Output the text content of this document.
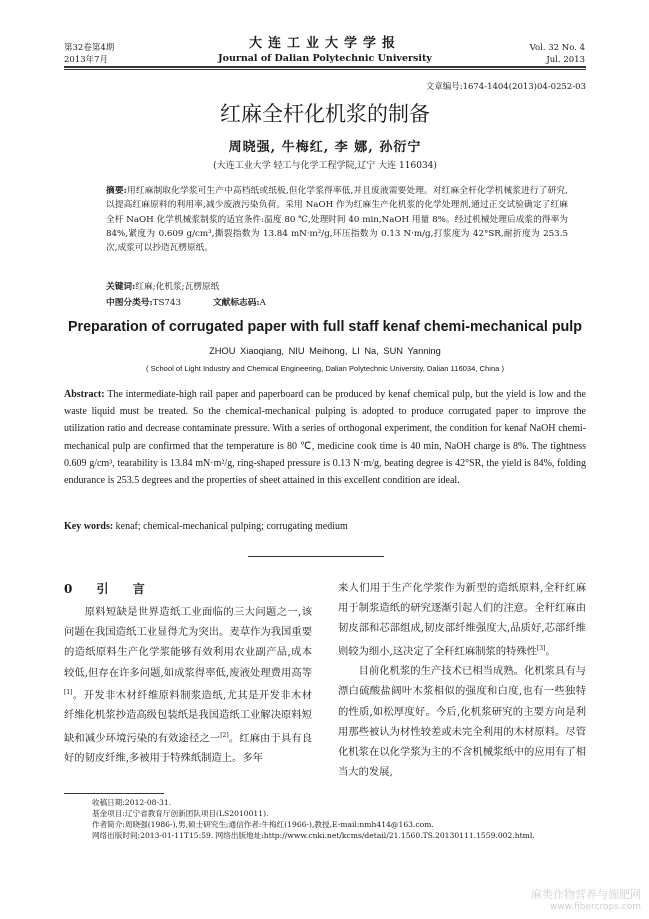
第32卷第4期
2013年7月
大连工业大学学报
Journal of Dalian Polytechnic University
Vol. 32 No. 4
Jul. 2013
文章编号:1674-1404(2013)04-0252-03
红麻全杆化机浆的制备
周晓强, 牛梅红, 李 娜, 孙衍宁
(大连工业大学 轻工与化学工程学院,辽宁 大连 116034)
摘要:用红麻制取化学浆可生产中高档纸或纸板,但化学浆得率低,并且废液需要处理。对红麻全杆化学机械浆进行了研究,以提高红麻原料的利用率,减少废液污染负荷。采用 NaOH 作为红麻生产化机浆的化学处理剂,通过正交试验确定了红麻全杆 NaOH 化学机械浆制浆的适宜条件:温度 80 ℃,处理时间 40 min,NaOH 用量 8%。经过机械处理后成浆的得率为 84%,紧度为 0.609 g/cm³,撕裂指数为 13.84 mN·m²/g,环压指数为 0.13 N·m/g,打浆度为 42°SR,耐折度为 253.5 次,成浆可以抄造瓦楞原纸。
关键词:红麻;化机浆;瓦楞原纸
中图分类号:TS743	文献标志码:A
Preparation of corrugated paper with full staff kenaf chemi-mechanical pulp
ZHOU Xiaoqiang, NIU Meihong, LI Na, SUN Yanning
( School of Light Industry and Chemical Engineering, Dalian Polytechnic University, Dalian 116034, China )
Abstract: The intermediate-high rail paper and paperboard can be produced by kenaf chemical pulp, but the yield is low and the waste liquid must be treated. So the chemical-mechanical pulping is adopted to produce corrugated paper to improve the utilization ratio and decrease contaminate pressure. With a series of orthogonal experiment, the condition for kenaf NaOH chemi-mechanical pulp are confirmed that the temperature is 80 ℃, medicine cook time is 40 min, NaOH charge is 8%. The tightness 0.609 g/cm³, tearability is 13.84 mN·m²/g, ring-shaped pressure is 0.13 N·m/g, beating degree is 42°SR, the yield is 84%, folding endurance is 253.5 degrees and the properties of sheet attained in this excellent condition are ideal.
Key words: kenaf; chemical-mechanical pulping; corrugating medium
0 引 言

原料短缺是世界造纸工业面临的三大问题之一,该问题在我国造纸工业显得尤为突出。麦草作为我国重要的造纸原料生产化学浆能够有效利用农业副产品,成本较低,但存在许多问题,如成浆得率低,废液处理费用高等[1]。开发非木材纤维原料制浆造纸,尤其是开发非木材纤维化机浆抄造高级包装纸是我国造纸工业解决原料短缺和减少环境污染的有效途径之一[2]。红麻由于具有良好的韧皮纤维,多被用于特殊纸制造上。多年

来人们用于生产化学浆作为新型的造纸原料,全秆红麻用于制浆造纸的研究逐渐引起人们的注意。全秆红麻由韧皮部和芯部组成,韧皮部纤维强度大,品质好,芯部纤维则较为细小,这决定了全秆红麻制浆的特殊性[3]。

目前化机浆的生产技术已相当成熟。化机浆具有与漂白硫酸盐阔叶木浆相似的强度和白度,也有一些独特的性质,如松厚度好。今后,化机浆研究的主要方向是利用那些被认为材性较差或未完全利用的木材原料。尽管化机浆在以化学浆为主的不含机械浆纸中的应用有了相当大的发展,

收稿日期:2012-08-31.
基金项目:辽宁省教育厅创新团队项目(LS2010011).
作者简介:周晓强(1986-),男,硕士研究生;通信作者:牛梅红(1966-),教授,E-mail:nmh414@163.com.
网络出版时间:2013-01-11T15:59. 网络出版地址:http://www.cnki.net/kcms/detail/21.1560.TS.20130111.1559.002.html.
麻类作物营养与施肥网
www.fibercrops.com
